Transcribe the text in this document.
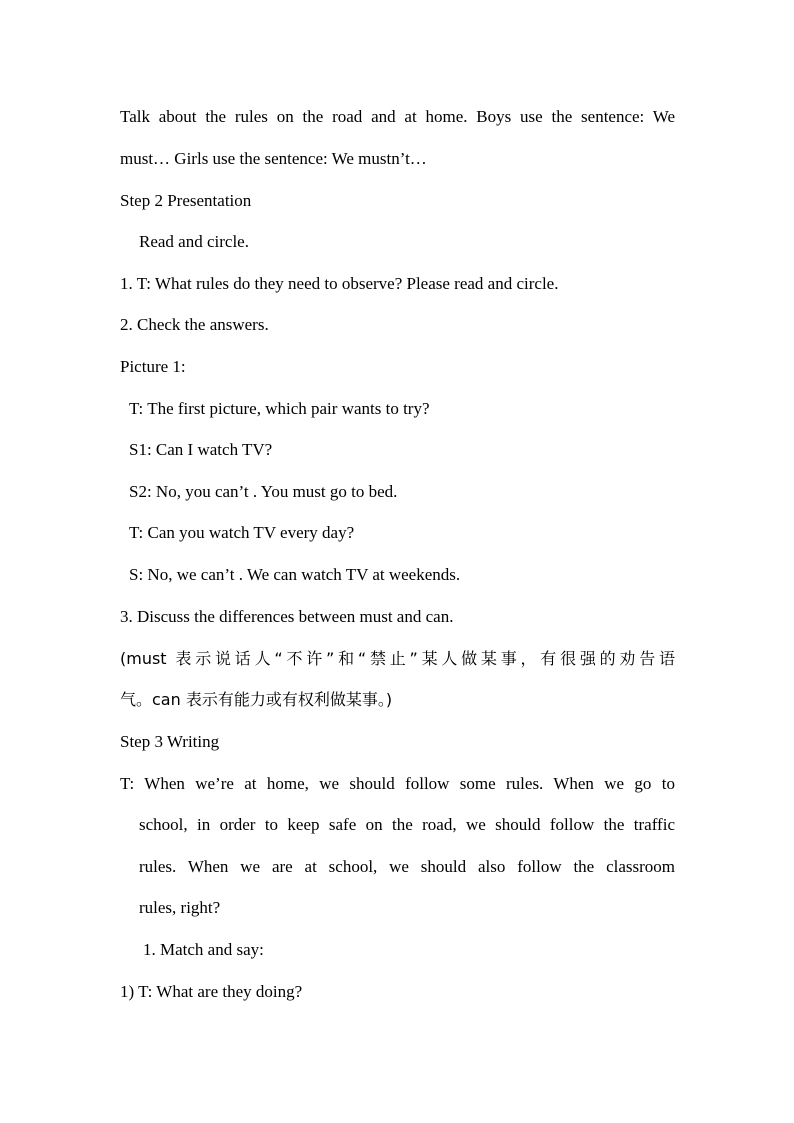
Talk about the rules on the road and at home. Boys use the sentence: We
must… Girls use the sentence: We mustn’t…
Step 2 Presentation
Read and circle.
1. T: What rules do they need to observe? Please read and circle.
2. Check the answers.
Picture 1:
T: The first picture, which pair wants to try?
S1: Can I watch TV?
S2: No, you can’t . You must go to bed.
T: Can you watch TV every day?
S: No, we can’t . We can watch TV at weekends.
3. Discuss the differences between must and can.
(must 表示说话人“不许”和“禁止”某人做某事，有很强的劝告语
气。can 表示有能力或有权利做某事。)
Step 3 Writing
T: When we’re at home, we should follow some rules. When we go to
school, in order to keep safe on the road, we should follow the traffic
rules. When we are at school, we should also follow the classroom
rules, right?
1. Match and say:
1) T: What are they doing?
